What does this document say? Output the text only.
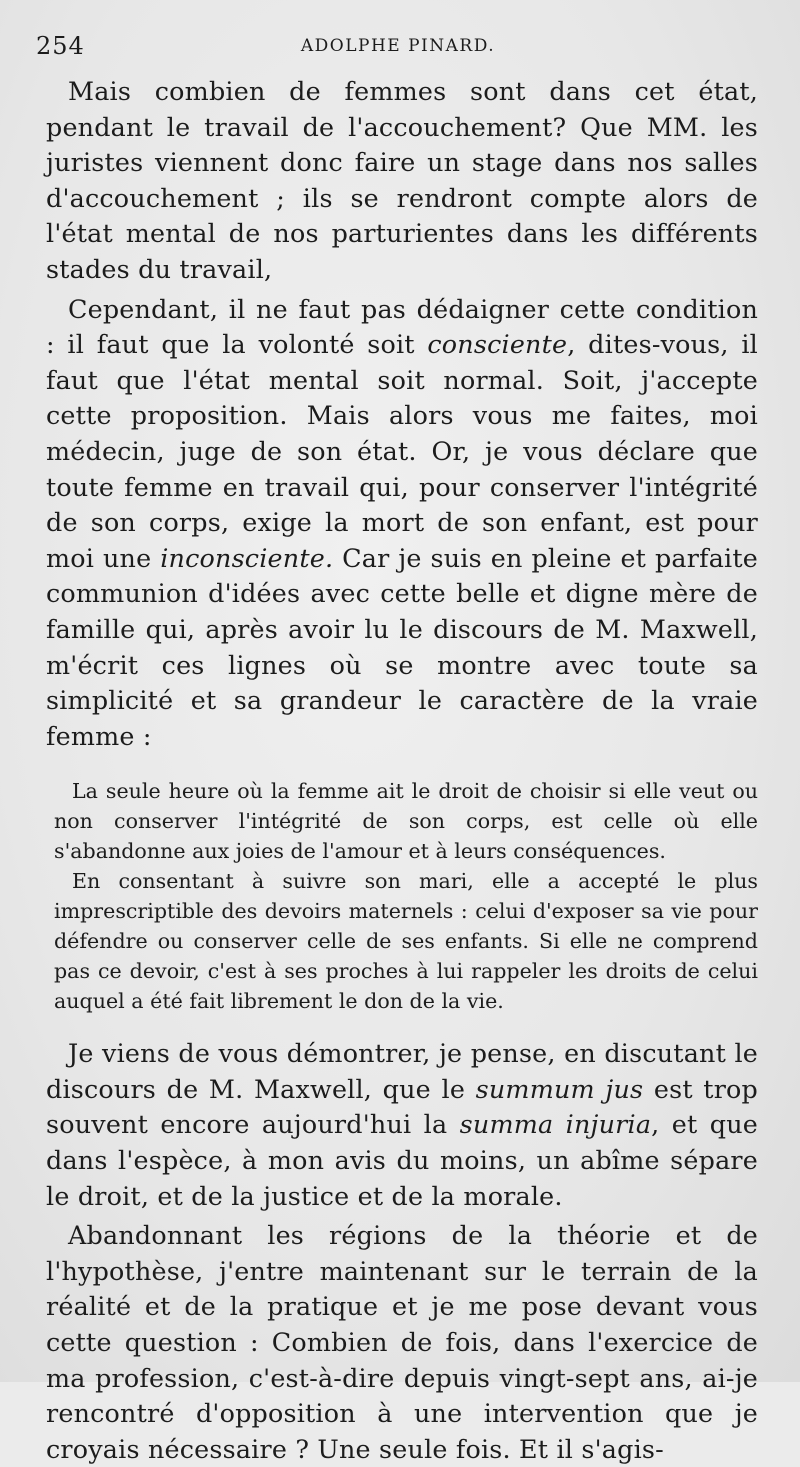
254	ADOLPHE PINARD.

Mais combien de femmes sont dans cet état, pendant le travail de l'accouchement? Que MM. les juristes viennent donc faire un stage dans nos salles d'accouchement ; ils se rendront compte alors de l'état mental de nos parturientes dans les différents stades du travail,

Cependant, il ne faut pas dédaigner cette condition : il faut que la volonté soit consciente, dites-vous, il faut que l'état mental soit normal. Soit, j'accepte cette proposition. Mais alors vous me faites, moi médecin, juge de son état. Or, je vous déclare que toute femme en travail qui, pour conserver l'intégrité de son corps, exige la mort de son enfant, est pour moi une inconsciente. Car je suis en pleine et parfaite communion d'idées avec cette belle et digne mère de famille qui, après avoir lu le discours de M. Maxwell, m'écrit ces lignes où se montre avec toute sa simplicité et sa grandeur le caractère de la vraie femme :

La seule heure où la femme ait le droit de choisir si elle veut ou non conserver l'intégrité de son corps, est celle où elle s'abandonne aux joies de l'amour et à leurs conséquences.

En consentant à suivre son mari, elle a accepté le plus imprescriptible des devoirs maternels : celui d'exposer sa vie pour défendre ou conserver celle de ses enfants. Si elle ne comprend pas ce devoir, c'est à ses proches à lui rappeler les droits de celui auquel a été fait librement le don de la vie.

Je viens de vous démontrer, je pense, en discutant le discours de M. Maxwell, que le summum jus est trop souvent encore aujourd'hui la summa injuria, et que dans l'espèce, à mon avis du moins, un abîme sépare le droit, et de la justice et de la morale.

Abandonnant les régions de la théorie et de l'hypothèse, j'entre maintenant sur le terrain de la réalité et de la pratique et je me pose devant vous cette question : Combien de fois, dans l'exercice de ma profession, c'est-à-dire depuis vingt-sept ans, ai-je rencontré d'opposition à une intervention que je croyais nécessaire ? Une seule fois. Et il s'agis-
